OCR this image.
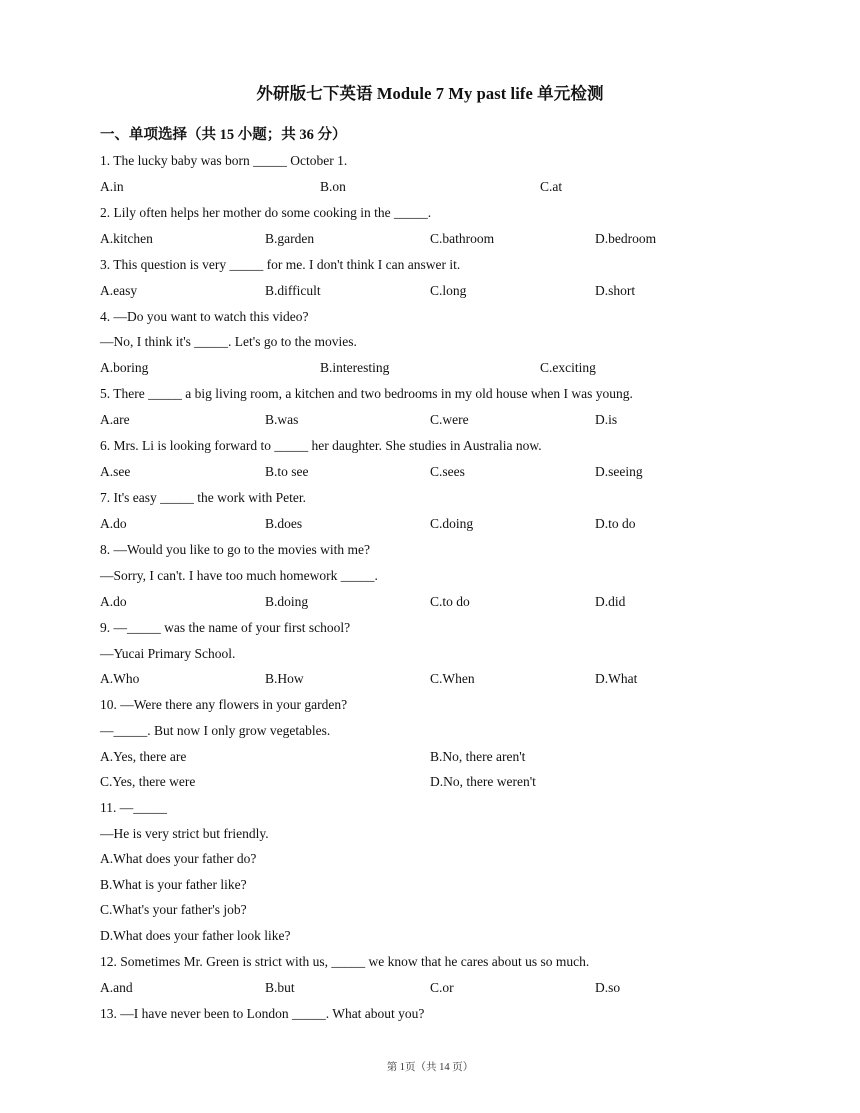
外研版七下英语 Module 7 My past life 单元检测
一、单项选择（共 15 小题；共 36 分）
1. The lucky baby was born _____ October 1.
A.in	B.on	C.at
2. Lily often helps her mother do some cooking in the _____.
A.kitchen	B.garden	C.bathroom	D.bedroom
3. This question is very _____ for me. I don't think I can answer it.
A.easy	B.difficult	C.long	D.short
4. —Do you want to watch this video?
—No, I think it's _____. Let's go to the movies.
A.boring	B.interesting	C.exciting
5. There _____ a big living room, a kitchen and two bedrooms in my old house when I was young.
A.are	B.was	C.were	D.is
6. Mrs. Li is looking forward to _____ her daughter. She studies in Australia now.
A.see	B.to see	C.sees	D.seeing
7. It's easy _____ the work with Peter.
A.do	B.does	C.doing	D.to do
8. —Would you like to go to the movies with me?
—Sorry, I can't. I have too much homework _____.
A.do	B.doing	C.to do	D.did
9. —_____ was the name of your first school?
—Yucai Primary School.
A.Who	B.How	C.When	D.What
10. —Were there any flowers in your garden?
—_____. But now I only grow vegetables.
A.Yes, there are	B.No, there aren't
C.Yes, there were	D.No, there weren't
11. —_____
—He is very strict but friendly.
A.What does your father do?
B.What is your father like?
C.What's your father's job?
D.What does your father look like?
12. Sometimes Mr. Green is strict with us, _____ we know that he cares about us so much.
A.and	B.but	C.or	D.so
13. —I have never been to London _____. What about you?
第 1页（共 14 页）
